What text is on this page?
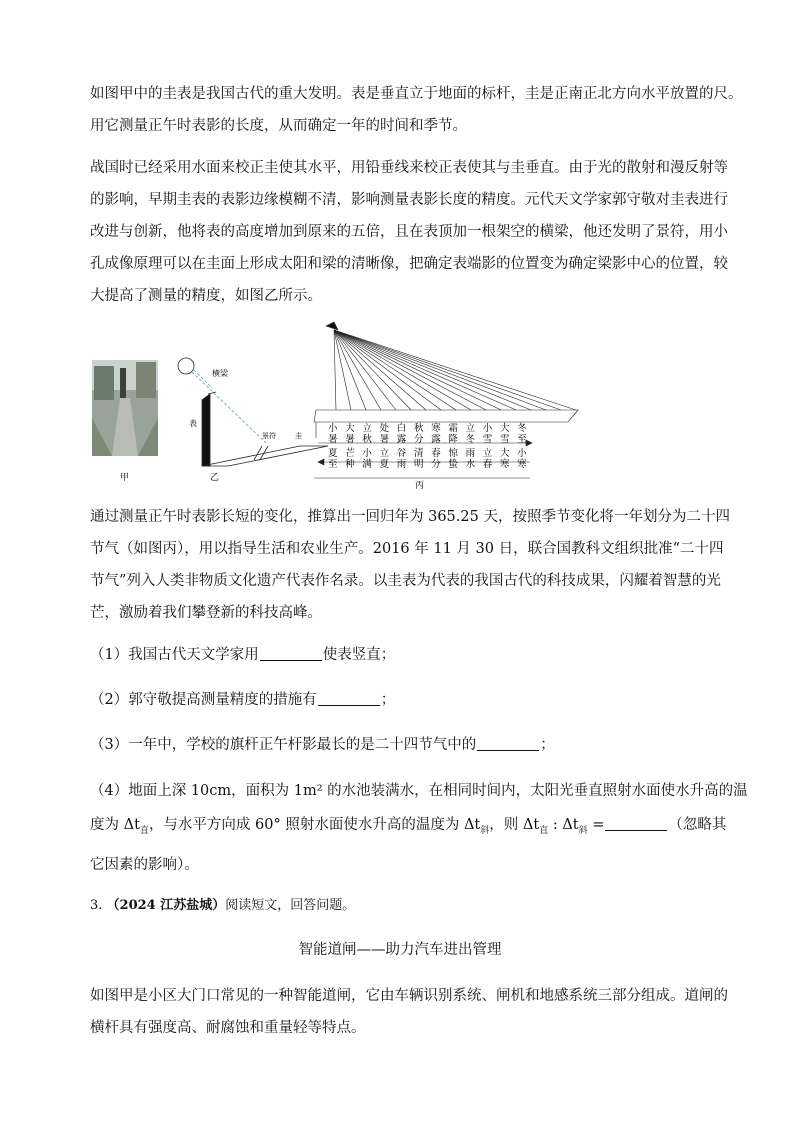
如图甲中的圭表是我国古代的重大发明。表是垂直立于地面的标杆，圭是正南正北方向水平放置的尺。
用它测量正午时表影的长度，从而确定一年的时间和季节。
战国时已经采用水面来校正圭使其水平，用铅垂线来校正表使其与圭垂直。由于光的散射和漫反射等
的影响，早期圭表的表影边缘模糊不清，影响测量表影长度的精度。元代天文学家郭守敬对圭表进行
改进与创新，他将表的高度增加到原来的五倍，且在表顶加一根架空的横梁，他还发明了景符，用小
孔成像原理可以在圭面上形成太阳和梁的清晰像，把确定表端影的位置变为确定梁影中心的位置，较
大提高了测量的精度，如图乙所示。
甲
横梁
表
景符	圭
乙
小
暑
大
暑
立
秋
处
暑
白
露
秋
分
寒
露
霜
降
立
冬
小
雪
大
雪
冬
至
夏
至
芒
种
小
满
立
夏
谷
雨
清
明
春
分
惊
蛰
雨
水
立
春
大
寒
小
寒
丙
通过测量正午时表影长短的变化，推算出一回归年为 365.25 天，按照季节变化将一年划分为二十四
节气（如图丙），用以指导生活和农业生产。2016 年 11 月 30 日，联合国教科文组织批准“二十四
节气”列入人类非物质文化遗产代表作名录。以圭表为代表的我国古代的科技成果，闪耀着智慧的光
芒，激励着我们攀登新的科技高峰。
（1）我国古代天文学家用	使表竖直；
（2）郭守敬提高测量精度的措施有	；
（3）一年中，学校的旗杆正午杆影最长的是二十四节气中的	；
（4）地面上深 10cm，面积为 1m² 的水池装满水，在相同时间内，太阳光垂直照射水面使水升高的温
度为 $\Delta t_直$，与水平方向成 60° 照射水面使水升高的温度为 $\Delta t_斜$，则 $\Delta t_直$ : $\Delta t_斜$ =	（忽略其
它因素的影响）。
3. （2024 江苏盐城）阅读短文，回答问题。
智能道闸——助力汽车进出管理
如图甲是小区大门口常见的一种智能道闸，它由车辆识别系统、闸机和地感系统三部分组成。道闸的
横杆具有强度高、耐腐蚀和重量轻等特点。
